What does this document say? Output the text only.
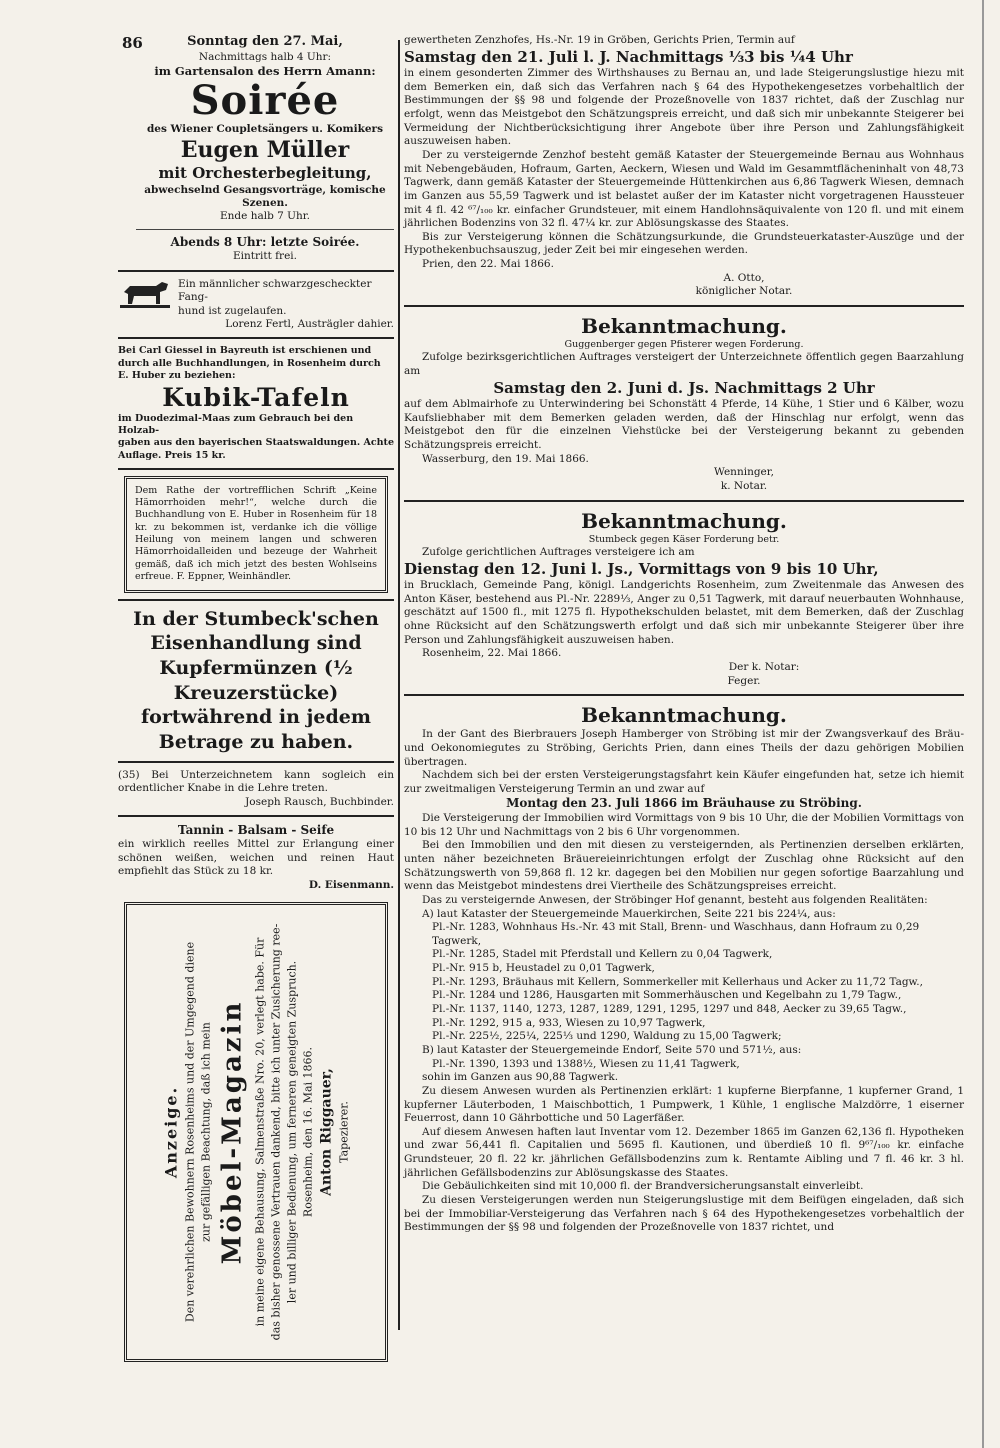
86	Sonntag den 27. Mai,

Nachmittags halb 4 Uhr:

im Gartensalon des Herrn Amann:

Soirée

des Wiener Coupletsängers u. Komikers

Eugen Müller

mit Orchesterbegleitung,

abwechselnd Gesangsvorträge, komische Szenen.

Ende halb 7 Uhr.

Abends 8 Uhr: letzte Soirée.

Eintritt frei.

Ein männlicher schwarzgescheckter Fang-

hund ist zugelaufen.

Lorenz Fertl, Austrägler dahier.

Bei Carl Giessel in Bayreuth ist erschienen und

durch alle Buchhandlungen, in Rosenheim durch

E. Huber zu beziehen:

Kubik-Tafeln

im Duodezimal-Maas zum Gebrauch bei den Holzab-

gaben aus den bayerischen Staatswaldungen. Achte

Auflage. Preis 15 kr.

Dem Rathe der vortrefflichen Schrift „Keine Hämorrhoiden mehr!“, welche durch die Buchhandlung von E. Huber in Rosenheim für 18 kr. zu bekommen ist, verdanke ich die völlige Heilung von meinem langen und schweren Hämorrhoidalleiden und bezeuge der Wahrheit gemäß, daß ich mich jetzt des besten Wohlseins erfreue. F. Eppner, Weinhändler.

In der Stumbeck'schen Eisenhandlung sind Kupfermünzen (½ Kreuzerstücke) fortwährend in jedem Betrage zu haben.

(35) Bei Unterzeichnetem kann sogleich ein ordentlicher Knabe in die Lehre treten.

Joseph Rausch, Buchbinder.

Tannin - Balsam - Seife

ein wirklich reelles Mittel zur Erlangung einer schönen weißen, weichen und reinen Haut empfiehlt das Stück zu 18 kr.

D. Eisenmann.

Anzeige. Den verehrlichen Bewohnern Rosenheims und der Umgegend diene zur gefälligen Beachtung, daß ich mein Möbel-Magazin in meine eigene Behausung, Salmenstraße Nro. 20, verlegt habe. Für das bisher genossene Vertrauen dankend, bitte ich unter Zusicherung ree- ler und billiger Bedienung, um ferneren geneigten Zuspruch. Rosenheim, den 16. Mai 1866. Anton Riggauer, Tapezierer.

gewertheten Zenzhofes, Hs.-Nr. 19 in Gröben, Gerichts Prien, Termin auf

Samstag den 21. Juli l. J. Nachmittags ⅓3 bis ¼4 Uhr

in einem gesonderten Zimmer des Wirthshauses zu Bernau an, und lade Steigerungslustige hiezu mit dem Bemerken ein, daß sich das Verfahren nach § 64 des Hypothekengesetzes vorbehaltlich der Bestimmungen der §§ 98 und folgende der Prozeßnovelle von 1837 richtet, daß der Zuschlag nur erfolgt, wenn das Meistgebot den Schätzungspreis erreicht, und daß sich mir unbekannte Steigerer bei Vermeidung der Nichtberücksichtigung ihrer Angebote über ihre Person und Zahlungsfähigkeit auszuweisen haben.

Der zu versteigernde Zenzhof besteht gemäß Kataster der Steuergemeinde Bernau aus Wohnhaus mit Nebengebäuden, Hofraum, Garten, Aeckern, Wiesen und Wald im Gesammtflächeninhalt von 48,73 Tagwerk, dann gemäß Kataster der Steuergemeinde Hüttenkirchen aus 6,86 Tagwerk Wiesen, demnach im Ganzen aus 55,59 Tagwerk und ist belastet außer der im Kataster nicht vorgetragenen Haussteuer mit 4 fl. 42 ⁶⁷/₁₀₀ kr. einfacher Grundsteuer, mit einem Handlohnsäquivalente von 120 fl. und mit einem jährlichen Bodenzins von 32 fl. 47¼ kr. zur Ablösungskasse des Staates.

Bis zur Versteigerung können die Schätzungsurkunde, die Grundsteuerkataster-Auszüge und der Hypothekenbuchsauszug, jeder Zeit bei mir eingesehen werden.

Prien, den 22. Mai 1866.

A. Otto,

königlicher Notar.

Bekanntmachung.

Guggenberger gegen Pfisterer wegen Forderung.

Zufolge bezirksgerichtlichen Auftrages versteigert der Unterzeichnete öffentlich gegen Baarzahlung am

Samstag den 2. Juni d. Js. Nachmittags 2 Uhr

auf dem Ablmairhofe zu Unterwindering bei Schonstätt 4 Pferde, 14 Kühe, 1 Stier und 6 Kälber, wozu Kaufsliebhaber mit dem Bemerken geladen werden, daß der Hinschlag nur erfolgt, wenn das Meistgebot den für die einzelnen Viehstücke bei der Versteigerung bekannt zu gebenden Schätzungspreis erreicht.

Wasserburg, den 19. Mai 1866.

Wenninger,

k. Notar.

Bekanntmachung.

Stumbeck gegen Käser Forderung betr.

Zufolge gerichtlichen Auftrages versteigere ich am

Dienstag den 12. Juni l. Js., Vormittags von 9 bis 10 Uhr,

in Brucklach, Gemeinde Pang, königl. Landgerichts Rosenheim, zum Zweitenmale das Anwesen des Anton Käser, bestehend aus Pl.-Nr. 2289⅓, Anger zu 0,51 Tagwerk, mit darauf neuerbauten Wohnhause, geschätzt auf 1500 fl., mit 1275 fl. Hypothekschulden belastet, mit dem Bemerken, daß der Zuschlag ohne Rücksicht auf den Schätzungswerth erfolgt und daß sich mir unbekannte Steigerer über ihre Person und Zahlungsfähigkeit auszuweisen haben.

Rosenheim, 22. Mai 1866.

Der k. Notar:

Feger.

Bekanntmachung.

In der Gant des Bierbrauers Joseph Hamberger von Ströbing ist mir der Zwangsverkauf des Bräu- und Oekonomiegutes zu Ströbing, Gerichts Prien, dann eines Theils der dazu gehörigen Mobilien übertragen.

Nachdem sich bei der ersten Versteigerungstagsfahrt kein Käufer eingefunden hat, setze ich hiemit zur zweitmaligen Versteigerung Termin an und zwar auf

Montag den 23. Juli 1866 im Bräuhause zu Ströbing.

Die Versteigerung der Immobilien wird Vormittags von 9 bis 10 Uhr, die der Mobilien Vormittags von 10 bis 12 Uhr und Nachmittags von 2 bis 6 Uhr vorgenommen.

Bei den Immobilien und den mit diesen zu versteigernden, als Pertinenzien derselben erklärten, unten näher bezeichneten Bräuereieinrichtungen erfolgt der Zuschlag ohne Rücksicht auf den Schätzungswerth von 59,868 fl. 12 kr. dagegen bei den Mobilien nur gegen sofortige Baarzahlung und wenn das Meistgebot mindestens drei Viertheile des Schätzungspreises erreicht.

Das zu versteigernde Anwesen, der Ströbinger Hof genannt, besteht aus folgenden Realitäten:

A) laut Kataster der Steuergemeinde Mauerkirchen, Seite 221 bis 224¼, aus:

Pl.-Nr. 1283, Wohnhaus Hs.-Nr. 43 mit Stall, Brenn- und Waschhaus, dann Hofraum zu 0,29 Tagwerk,

Pl.-Nr. 1285, Stadel mit Pferdstall und Kellern zu 0,04 Tagwerk,

Pl.-Nr. 915 b, Heustadel zu 0,01 Tagwerk,

Pl.-Nr. 1293, Bräuhaus mit Kellern, Sommerkeller mit Kellerhaus und Acker zu 11,72 Tagw.,

Pl.-Nr. 1284 und 1286, Hausgarten mit Sommerhäuschen und Kegelbahn zu 1,79 Tagw.,

Pl.-Nr. 1137, 1140, 1273, 1287, 1289, 1291, 1295, 1297 und 848, Aecker zu 39,65 Tagw.,

Pl.-Nr. 1292, 915 a, 933, Wiesen zu 10,97 Tagwerk,

Pl.-Nr. 225½, 225¼, 225⅓ und 1290, Waldung zu 15,00 Tagwerk;

B) laut Kataster der Steuergemeinde Endorf, Seite 570 und 571½, aus:

Pl.-Nr. 1390, 1393 und 1388½, Wiesen zu 11,41 Tagwerk,

sohin im Ganzen aus 90,88 Tagwerk.

Zu diesem Anwesen wurden als Pertinenzien erklärt: 1 kupferne Bierpfanne, 1 kupferner Grand, 1 kupferner Läuterboden, 1 Maischbottich, 1 Pumpwerk, 1 Kühle, 1 englische Malzdörre, 1 eiserner Feuerrost, dann 10 Gährbottiche und 50 Lagerfäßer.

Auf diesem Anwesen haften laut Inventar vom 12. Dezember 1865 im Ganzen 62,136 fl. Hypotheken und zwar 56,441 fl. Capitalien und 5695 fl. Kautionen, und überdieß 10 fl. 9⁶⁷/₁₀₀ kr. einfache Grundsteuer, 20 fl. 22 kr. jährlichen Gefällsbodenzins zum k. Rentamte Aibling und 7 fl. 46 kr. 3 hl. jährlichen Gefällsbodenzins zur Ablösungskasse des Staates.

Die Gebäulichkeiten sind mit 10,000 fl. der Brandversicherungsanstalt einverleibt.

Zu diesen Versteigerungen werden nun Steigerungslustige mit dem Beifügen eingeladen, daß sich bei der Immobiliar-Versteigerung das Verfahren nach § 64 des Hypothekengesetzes vorbehaltlich der Bestimmungen der §§ 98 und folgenden der Prozeßnovelle von 1837 richtet, und
